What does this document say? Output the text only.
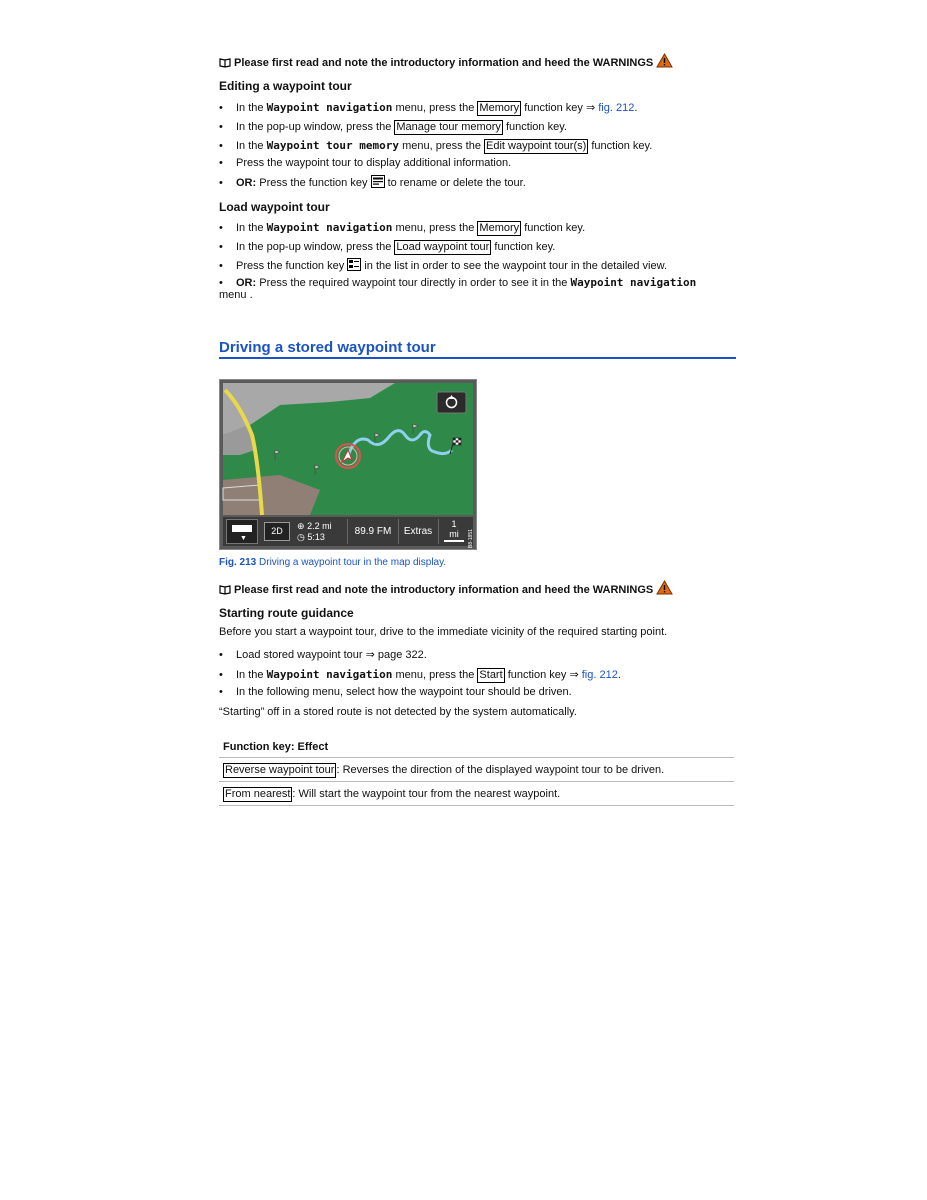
Please first read and note the introductory information and heed the WARNINGS
Editing a waypoint tour
• In the Waypoint navigation menu, press the Memory function key ⇒ fig. 212.
• In the pop-up window, press the Manage tour memory function key.
• In the Waypoint tour memory menu, press the Edit waypoint tour(s) function key.
• Press the waypoint tour to display additional information.
• OR: Press the function key  to rename or delete the tour.
Load waypoint tour
• In the Waypoint navigation menu, press the Memory function key.
• In the pop-up window, press the Load waypoint tour function key.
• Press the function key  in the list in order to see the waypoint tour in the detailed view.
• OR: Press the required waypoint tour directly in order to see it in the Waypoint navigation
menu .
Driving a stored waypoint tour
▼
2D	⊕ 2.2 mi
◷ 5:13	89.9 FM	Extras
1
mi	B8-1851
Fig. 213 Driving a waypoint tour in the map display.
Please first read and note the introductory information and heed the WARNINGS
Starting route guidance
Before you start a waypoint tour, drive to the immediate vicinity of the required starting point.
• Load stored waypoint tour ⇒ page 322.
• In the Waypoint navigation menu, press the Start function key ⇒ fig. 212.
• In the following menu, select how the waypoint tour should be driven.
“Starting” off in a stored route is not detected by the system automatically.
Function key: Effect
Reverse waypoint tour : Reverses the direction of the displayed waypoint tour to be driven.
From nearest : Will start the waypoint tour from the nearest waypoint.
